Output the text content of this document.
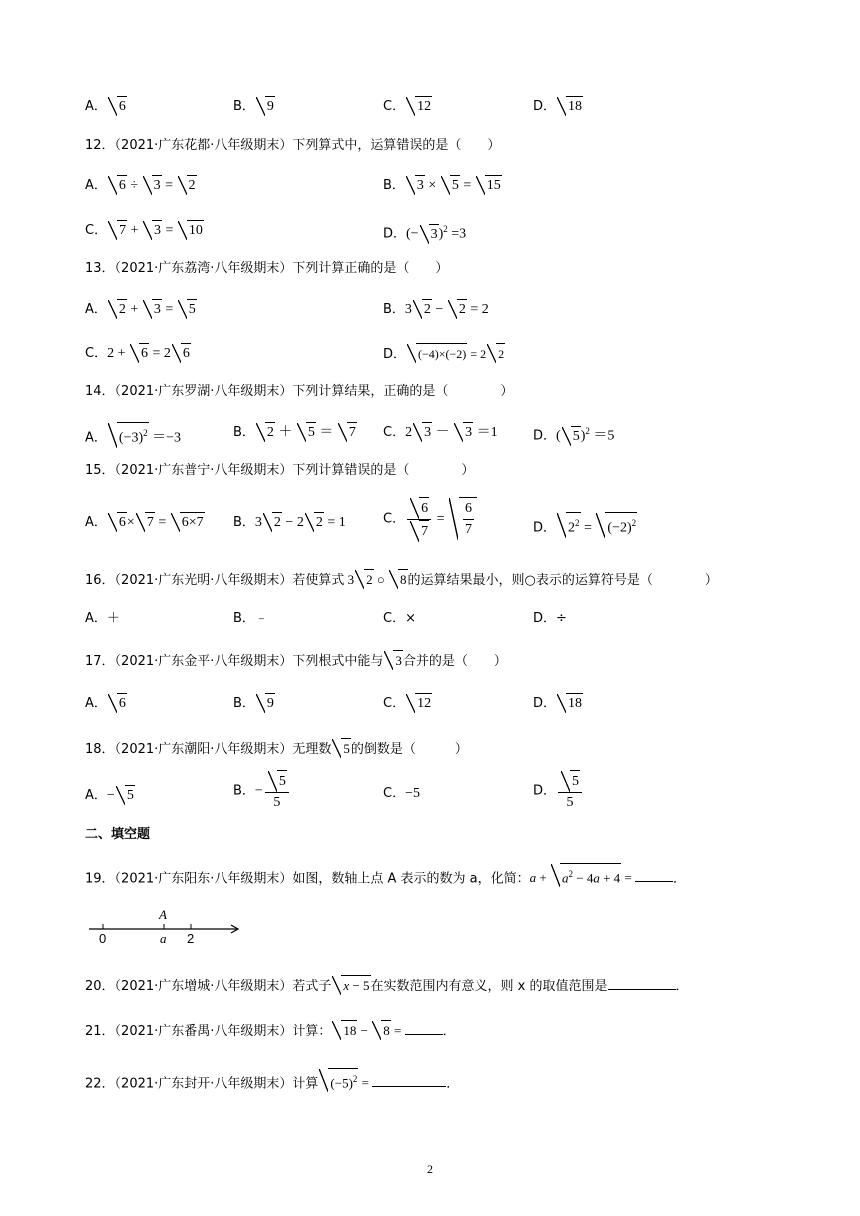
A． 6	B． 9	C． 12	D． 18
12．（2021·广东花都·八年级期末）下列算式中，运算错误的是（　　）
A． 6 ÷ 3 = 2	B． 3 × 5 = 15
C． 7 + 3 = 10	D．(− 3)$^2$ =3
13．（2021·广东荔湾·八年级期末）下列计算正确的是（　　）
A． 2 + 3 = 5	B．3 2 − 2 = 2
C．2 + 6 = 2 6	D． (−4)×(−2) = 2 2
14．（2021·广东罗湖·八年级期末）下列计算结果，正确的是（　　　　）
A． $(-3)^2 =-3$	B． 2 ＋ 5 ＝ 7 C．2 3 － 3 ＝1	D．( 5)$^2$ ＝5
15．（2021·广东普宁·八年级期末）下列计算错误的是（　　　　）
A． 6× 7 = 6×7 B．3 2 − 2 2 = 1	C． $\frac{6}{7} = \frac{6}{7}$	D． $2^2 = (-2)^2$
16．（2021·广东光明·八年级期末）若使算式 3 2 ○ 8的运算结果最小，则○表示的运算符号是（　　　　）
A．＋	B．﹣	C．×	D．÷
17．（2021·广东金平·八年级期末）下列根式中能与 3合并的是（　　）
A． 6	B． 9	C． 12	D． 18
18．（2021·广东潮阳·八年级期末）无理数 5的倒数是（　　　）
A．− 5	B．− $\frac{5}{5}$	C．−5	D． $\frac{5}{5}$
二、填空题
19．（2021·广东阳东·八年级期末）如图，数轴上点 A 表示的数为 a，化简：$a + a^2 - 4a + 4$ =	．
0
A
a 2
20．（2021·广东增城·八年级期末）若式子 x − 5在实数范围内有意义，则 x 的取值范围是	．
21．（2021·广东番禺·八年级期末）计算： 18 − 8 =	．
22．（2021·广东封开·八年级期末）计算 $(-5)^2$ =	．
2
